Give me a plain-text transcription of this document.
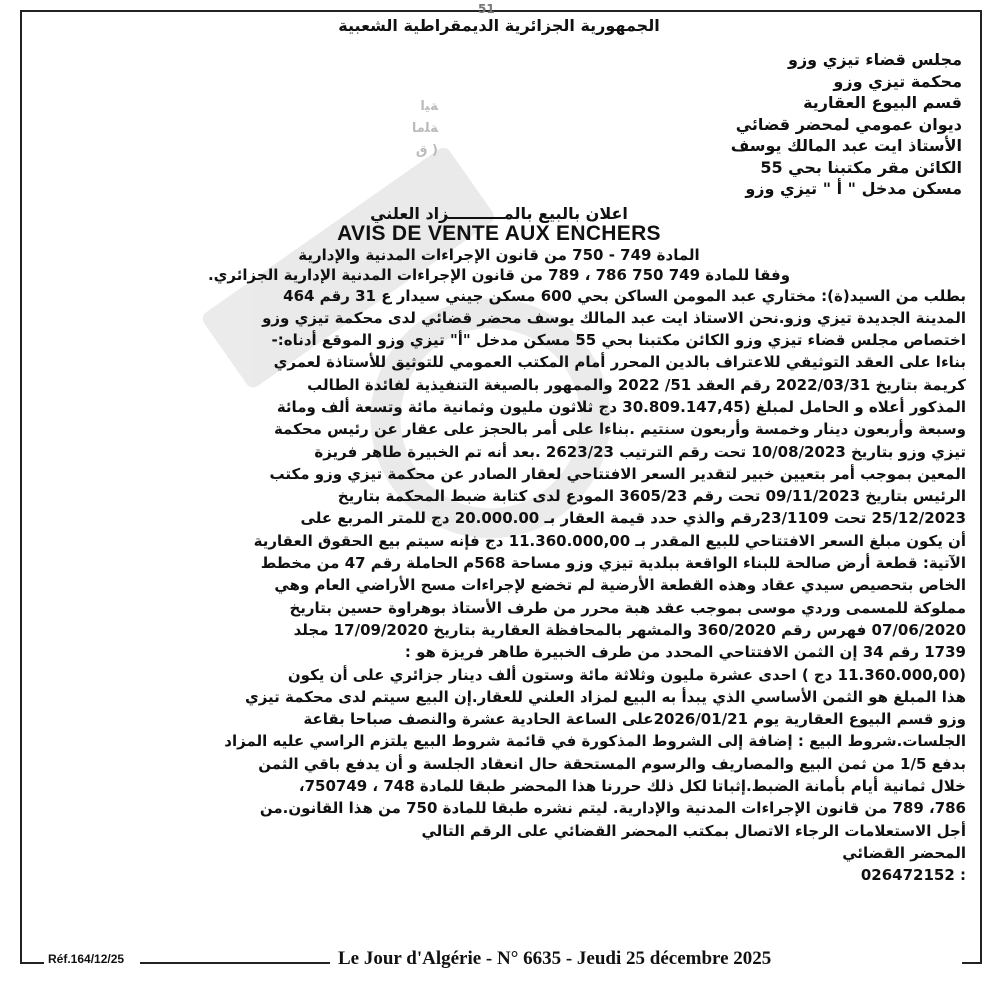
51
ﺔﻴﺍ
ﺔﻠﻣﺎ
( ﻕ
الجمهورية الجزائرية الديمقراطية الشعبية
مجلس قضاء تيزي وزو
محكمة تيزي وزو
قسم البيوع العقارية
ديوان عمومي لمحضر قضائي
الأستاذ ايت عبد المالك يوسف
الكائن مقر مكتبنا بحي 55
مسكن مدخل " أ " تيزي وزو
اعلان بالبيع بالمــــــــــزاد العلني
AVIS DE VENTE AUX ENCHERS
المادة 749 - 750 من قانون الإجراءات المدنية والإدارية
وفقا للمادة 749 750 786 ، 789 من قانون الإجراءات المدنية الإدارية الجزائري.
بطلب من السيد(ة): مختاري عبد المومن الساكن بحي 600 مسكن جيني سيدار ع 31 رقم 464
المدينة الجديدة تيزي وزو.نحن الاستاذ ايت عبد المالك يوسف محضر قضائي لدى محكمة تيزي وزو
اختصاص مجلس قضاء تيزي وزو الكائن مكتبنا بحي 55 مسكن مدخل "أ" تيزي وزو الموقع أدناه:-
بناءا على العقد التوثيقي للاعتراف بالدين المحرر أمام المكتب العمومي للتوثيق للأستاذة لعمري
كريمة بتاريخ 2022/03/31 رقم العقد 51/ 2022 والممهور بالصيغة التنفيذية لفائدة الطالب
المذكور أعلاه و الحامل لمبلغ (30.809.147,45 دج ثلاثون مليون وثمانية مائة وتسعة ألف ومائة
وسبعة وأربعون دينار وخمسة وأربعون سنتيم .بناءا على أمر بالحجز على عقار عن رئيس محكمة
تيزي وزو بتاريخ 10/08/2023 تحت رقم الترتيب 2623/23 .بعد أنه تم الخبيرة طاهر فريزة
المعين بموجب أمر بتعيين خبير لتقدير السعر الافتتاحي لعقار الصادر عن محكمة تيزي وزو مكتب
الرئيس بتاريخ 09/11/2023 تحت رقم 3605/23 المودع لدى كتابة ضبط المحكمة بتاريخ
25/12/2023 تحت 23/1109رقم والذي حدد قيمة العقار بـ 20.000.00 دج للمتر المربع على
أن يكون مبلغ السعر الافتتاحي للبيع المقدر بـ 11.360.000,00 دج فإنه سيتم بيع الحقوق العقارية
الآتية: قطعة أرض صالحة للبناء الواقعة ببلدية تيزي وزو مساحة 568م الحاملة رقم 47 من مخطط
الخاص بتحصيص سيدي عقاد وهذه القطعة الأرضية لم تخضع لإجراءات مسح الأراضي العام وهي
مملوكة للمسمى وردي موسى بموجب عقد هبة محرر من طرف الأستاذ بوهراوة حسين بتاريخ
07/06/2020 فهرس رقم 360/2020 والمشهر بالمحافظة العقارية بتاريخ 17/09/2020 مجلد
1739 رقم 34 إن الثمن الافتتاحي المحدد من طرف الخبيرة طاهر فريزة هو :
(11.360.000,00 دج ) احدى عشرة مليون وثلاثة مائة وستون ألف دينار جزائري على أن يكون
هذا المبلغ هو الثمن الأساسي الذي يبدأ به البيع لمزاد العلني للعقار.إن البيع سيتم لدى محكمة تيزي
وزو قسم البيوع العقارية يوم 2026/01/21على الساعة الحادية عشرة والنصف صباحا بقاعة
الجلسات.شروط البيع : إضافة إلى الشروط المذكورة في قائمة شروط البيع يلتزم الراسي عليه المزاد
بدفع 1/5 من ثمن البيع والمصاريف والرسوم المستحقة حال انعقاد الجلسة و أن يدفع باقي الثمن
خلال ثمانية أيام بأمانة الضبط.إثباتا لكل ذلك حررنا هذا المحضر طبقا للمادة 748 ، 750749،
786، 789 من قانون الإجراءات المدنية والإدارية. ليتم نشره طبقا للمادة 750 من هذا القانون.من
أجل الاستعلامات الرجاء الاتصال بمكتب المحضر القضائي على الرقم التالي
المحضر القضائي
: 026472152
Réf.164/12/25	Le Jour d'Algérie - N° 6635 - Jeudi 25 décembre 2025
